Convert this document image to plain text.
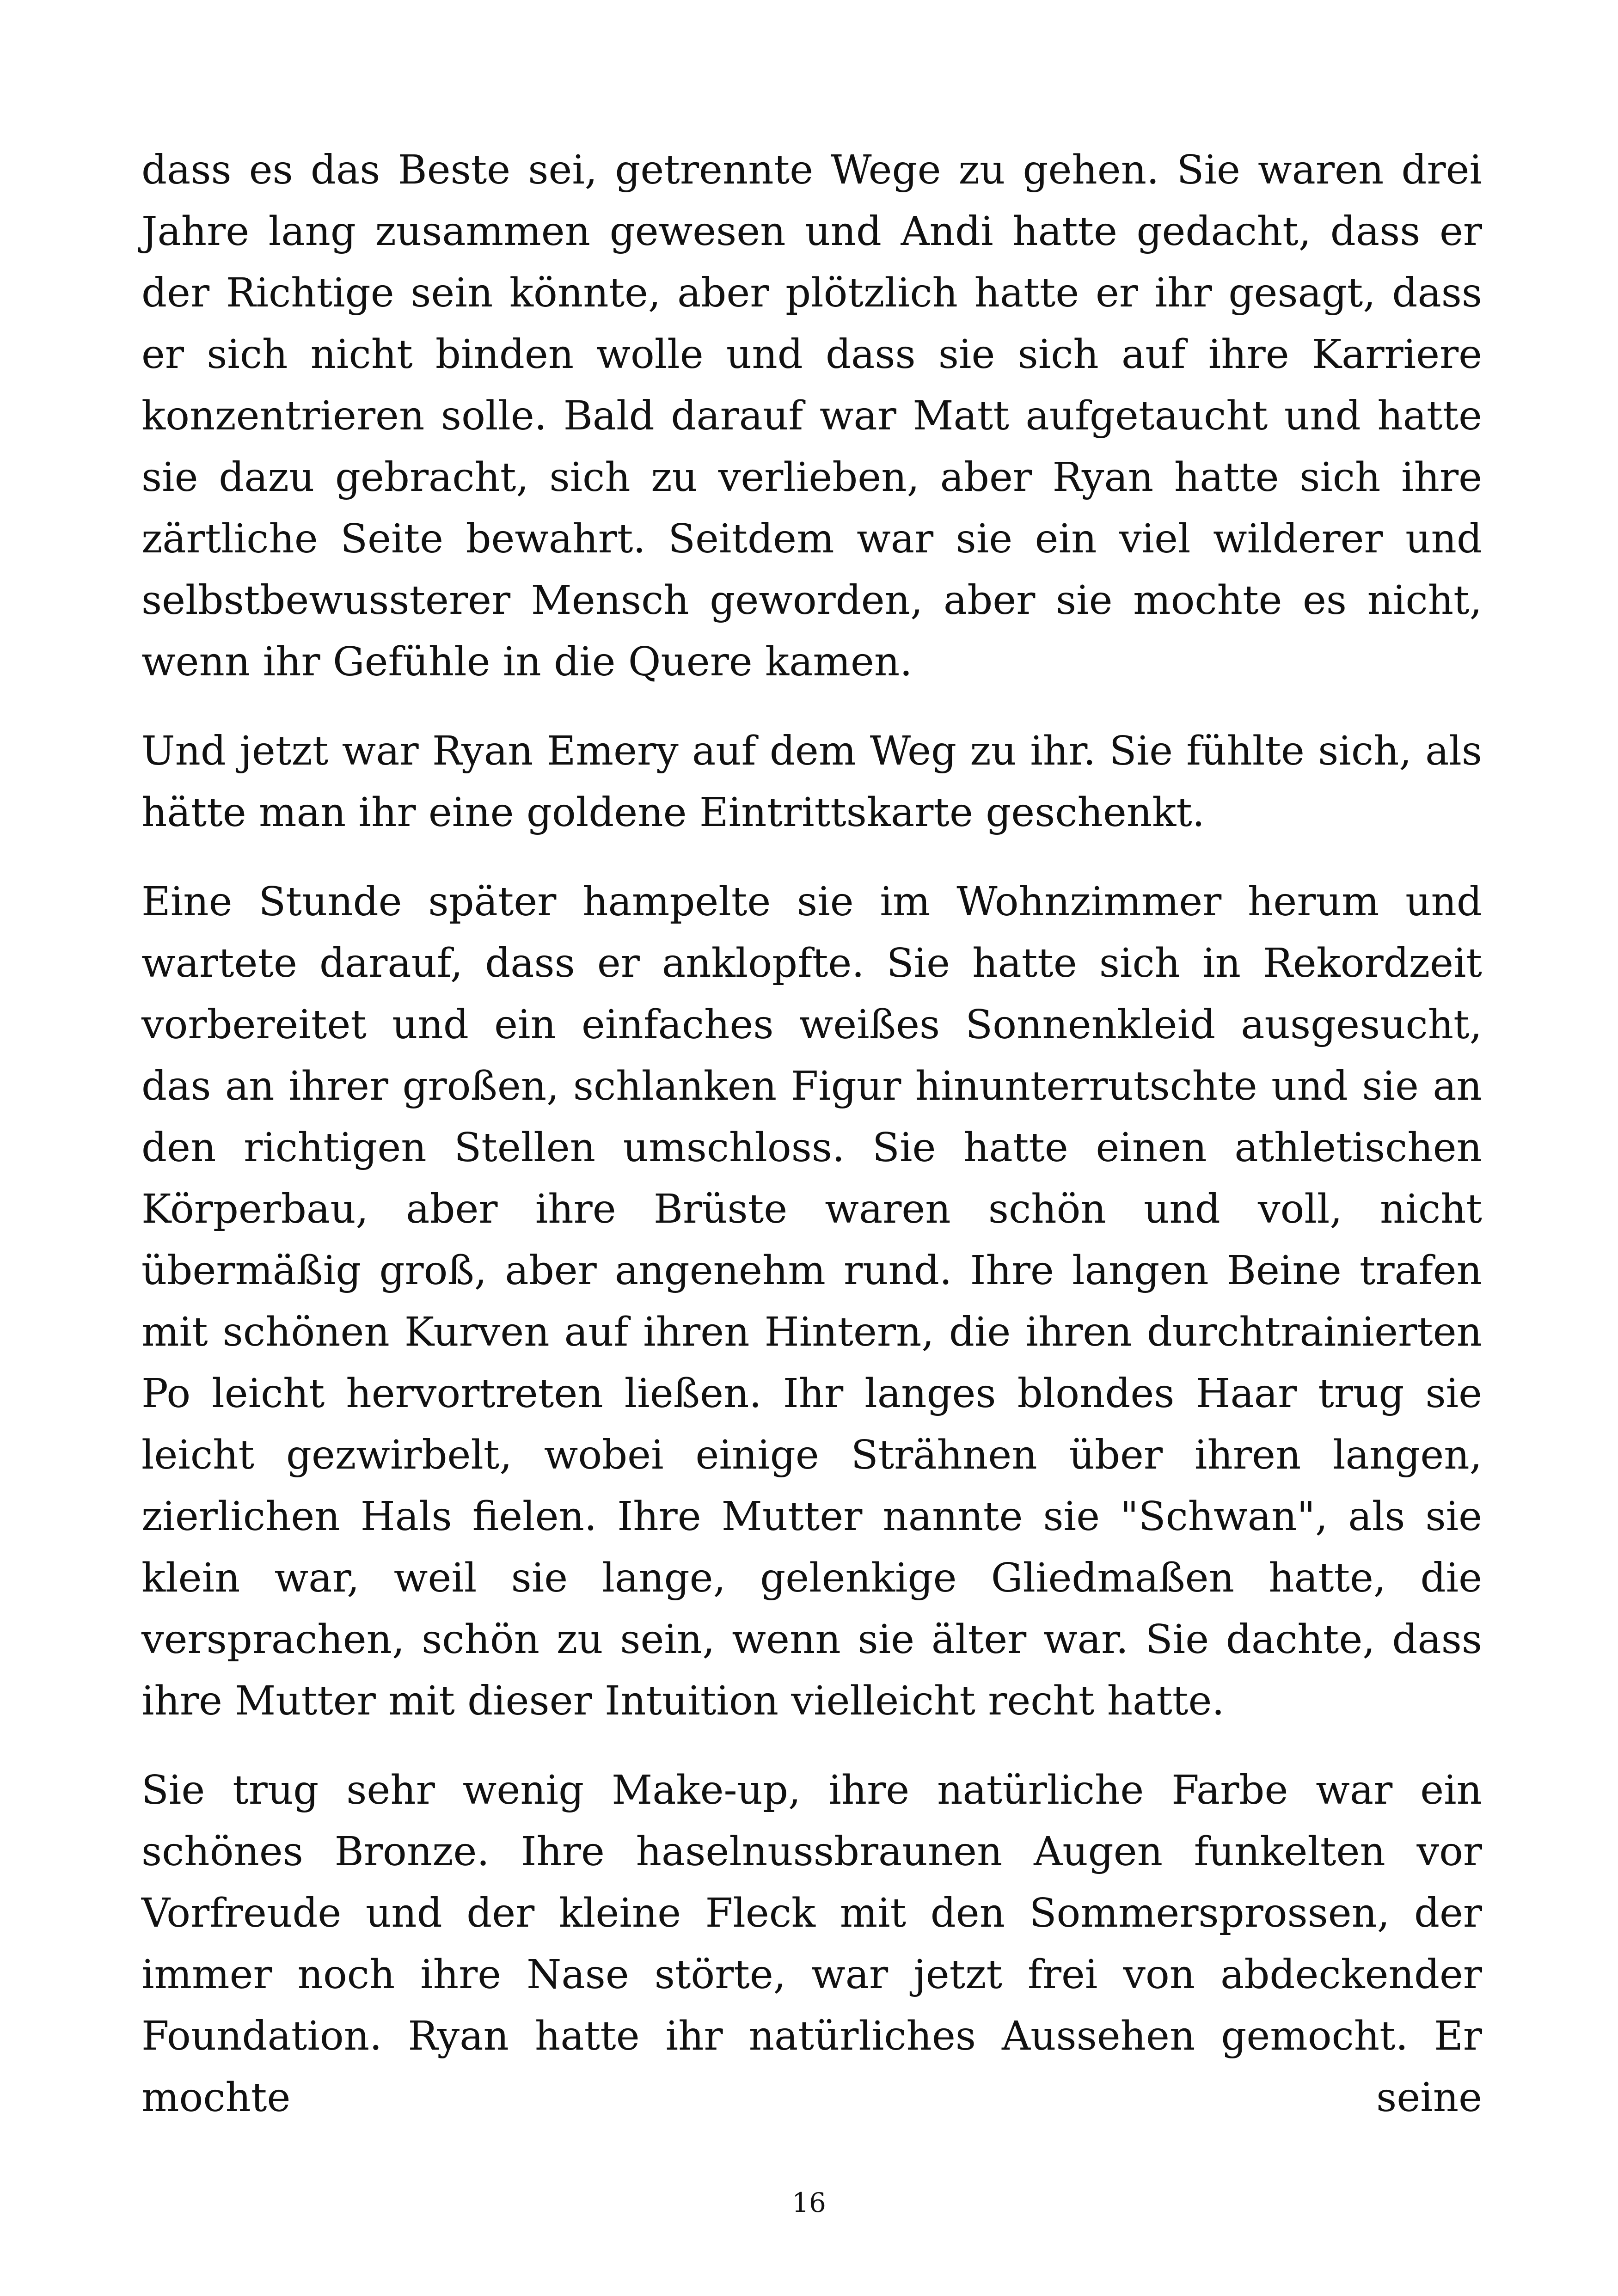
dass es das Beste sei, getrennte Wege zu gehen. Sie waren drei Jahre lang zusammen gewesen und Andi hatte gedacht, dass er der Richtige sein könnte, aber plötzlich hatte er ihr gesagt, dass er sich nicht binden wolle und dass sie sich auf ihre Karriere konzentrieren solle. Bald darauf war Matt aufgetaucht und hatte sie dazu gebracht, sich zu verlieben, aber Ryan hatte sich ihre zärtliche Seite bewahrt. Seitdem war sie ein viel wilderer und selbstbewussterer Mensch geworden, aber sie mochte es nicht, wenn ihr Gefühle in die Quere kamen.

Und jetzt war Ryan Emery auf dem Weg zu ihr. Sie fühlte sich, als hätte man ihr eine goldene Eintrittskarte geschenkt.

Eine Stunde später hampelte sie im Wohnzimmer herum und wartete darauf, dass er anklopfte. Sie hatte sich in Rekordzeit vorbereitet und ein einfaches weißes Sonnenkleid ausgesucht, das an ihrer großen, schlanken Figur hinunterrutschte und sie an den richtigen Stellen umschloss. Sie hatte einen athletischen Körperbau, aber ihre Brüste waren schön und voll, nicht übermäßig groß, aber angenehm rund. Ihre langen Beine trafen mit schönen Kurven auf ihren Hintern, die ihren durchtrainierten Po leicht hervortreten ließen. Ihr langes blondes Haar trug sie leicht gezwirbelt, wobei einige Strähnen über ihren langen, zierlichen Hals fielen. Ihre Mutter nannte sie "Schwan", als sie klein war, weil sie lange, gelenkige Gliedmaßen hatte, die versprachen, schön zu sein, wenn sie älter war. Sie dachte, dass ihre Mutter mit dieser Intuition vielleicht recht hatte.

Sie trug sehr wenig Make-up, ihre natürliche Farbe war ein schönes Bronze. Ihre haselnussbraunen Augen funkelten vor Vorfreude und der kleine Fleck mit den Sommersprossen, der immer noch ihre Nase störte, war jetzt frei von abdeckender Foundation. Ryan hatte ihr natürliches Aussehen gemocht. Er mochte seine

16
